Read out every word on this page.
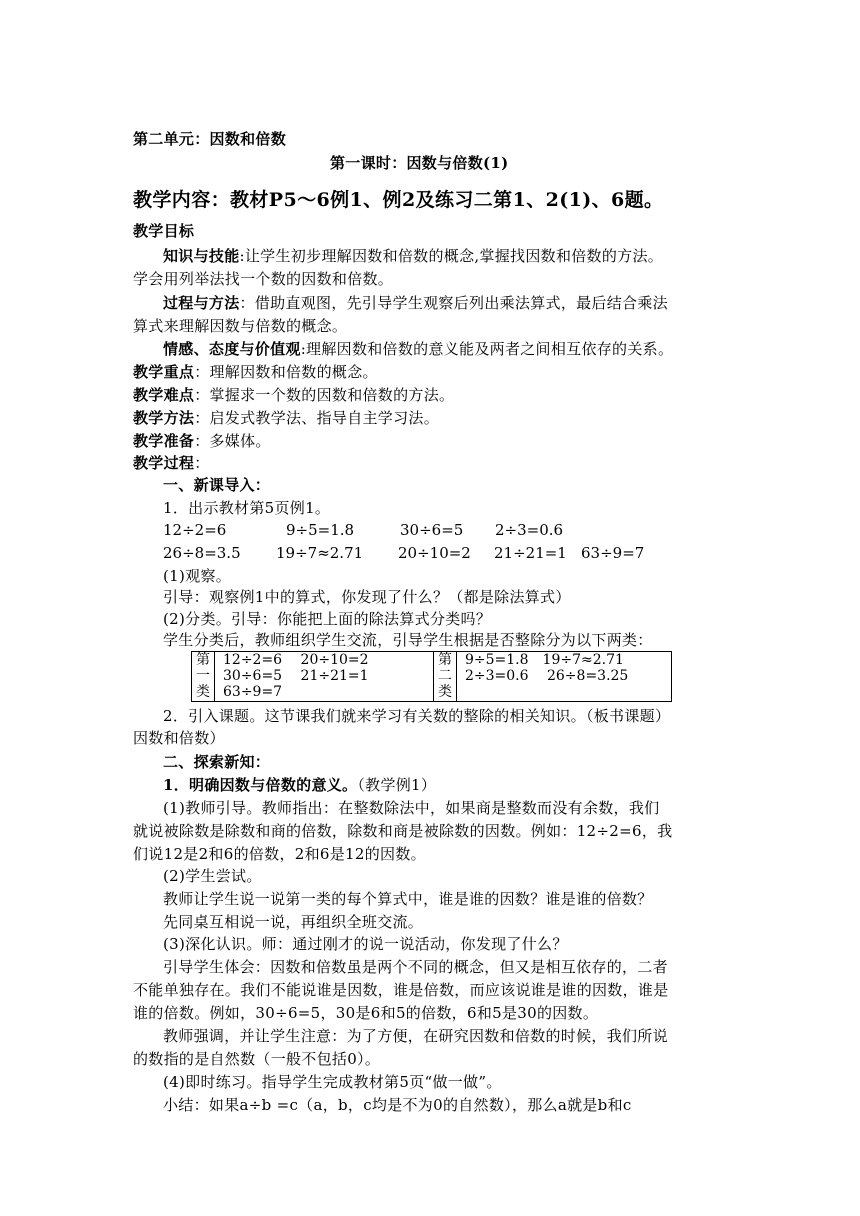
第二单元：因数和倍数
第一课时：因数与倍数(1)
教学内容：教材P5～6例1、例2及练习二第1、2(1)、6题。
教学目标
知识与技能:让学生初步理解因数和倍数的概念,掌握找因数和倍数的方法。
学会用列举法找一个数的因数和倍数。
过程与方法：借助直观图，先引导学生观察后列出乘法算式，最后结合乘法
算式来理解因数与倍数的概念。
情感、态度与价值观:理解因数和倍数的意义能及两者之间相互依存的关系。
教学重点：理解因数和倍数的概念。
教学难点：掌握求一个数的因数和倍数的方法。
教学方法：启发式教学法、指导自主学习法。
教学准备：多媒体。
教学过程：
一、新课导入：
1．出示教材第5页例1。
12÷2=6	9÷5=1.8	30÷6=5 2÷3=0.6
26÷8=3.5 19÷7≈2.71 20÷10=2 21÷21=1 63÷9=7
(1)观察。
引导：观察例1中的算式，你发现了什么？（都是除法算式）
(2)分类。引导：你能把上面的除法算式分类吗？
学生分类后，教师组织学生交流，引导学生根据是否整除分为以下两类：
第
一
类

12÷2=6　 20÷10=2
30÷6=5　 21÷21=1
63÷9=7

第
二
类

9÷5=1.8　19÷7≈2.71
2÷3=0.6　 26÷8=3.25
2．引入课题。这节课我们就来学习有关数的整除的相关知识。（板书课题）
因数和倍数）
二、探索新知：
1．明确因数与倍数的意义。（教学例1）
(1)教师引导。教师指出：在整数除法中，如果商是整数而没有余数，我们
就说被除数是除数和商的倍数，除数和商是被除数的因数。例如：12÷2=6，我
们说12是2和6的倍数，2和6是12的因数。
(2)学生尝试。
教师让学生说一说第一类的每个算式中，谁是谁的因数？谁是谁的倍数？
先同桌互相说一说，再组织全班交流。
(3)深化认识。师：通过刚才的说一说活动，你发现了什么？
引导学生体会：因数和倍数虽是两个不同的概念，但又是相互依存的，二者
不能单独存在。我们不能说谁是因数，谁是倍数，而应该说谁是谁的因数，谁是
谁的倍数。例如，30÷6=5，30是6和5的倍数，6和5是30的因数。
教师强调，并让学生注意：为了方便，在研究因数和倍数的时候，我们所说
的数指的是自然数（一般不包括0）。
(4)即时练习。指导学生完成教材第5页“做一做”。
小结：如果a÷b =c（a，b，c均是不为0的自然数），那么a就是b和c
